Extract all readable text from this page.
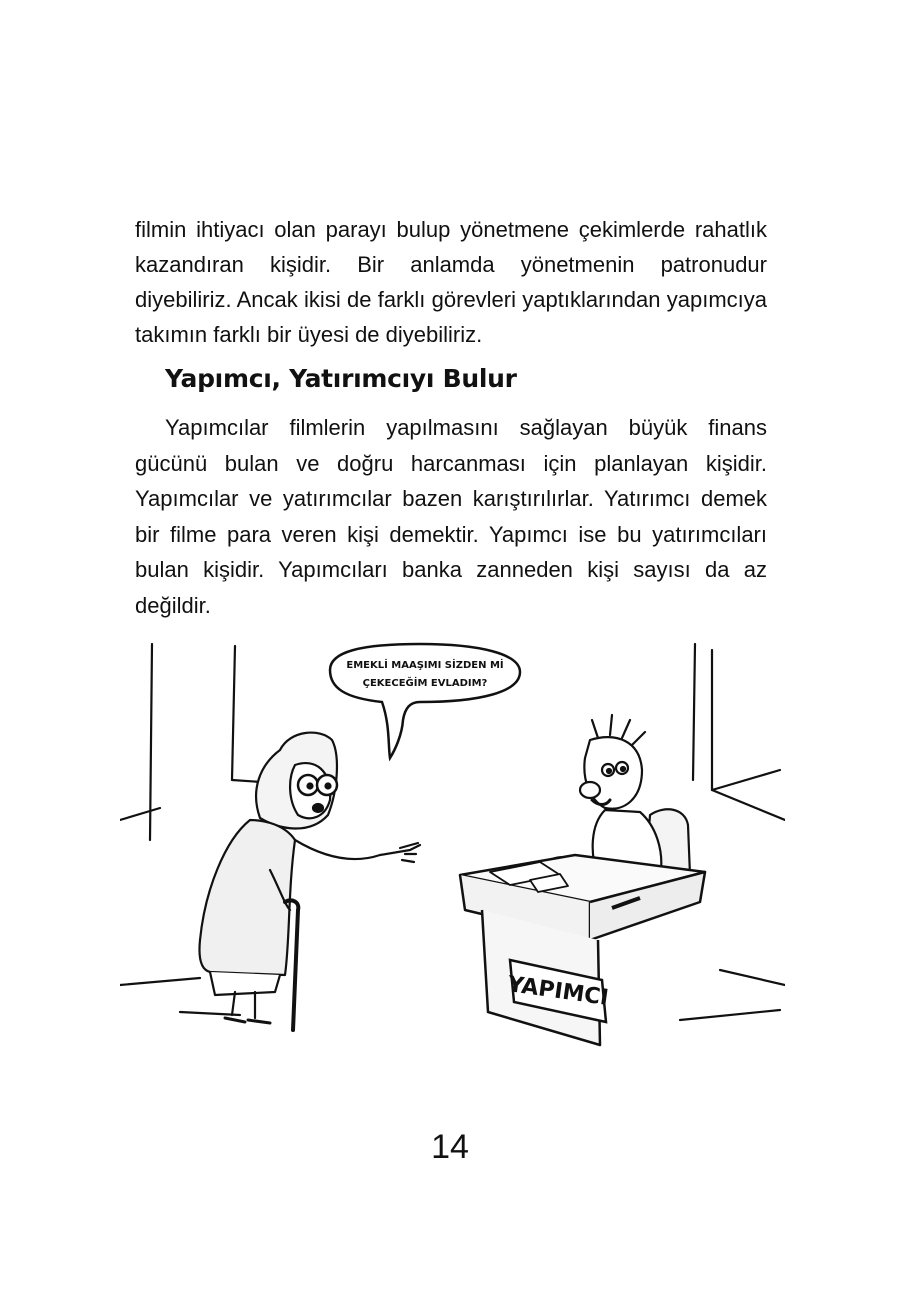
filmin ihtiyacı olan parayı bulup yönetmene çekimlerde rahatlık kazandıran kişidir. Bir anlamda yönetmenin patronudur diyebiliriz. Ancak ikisi de farklı görevleri yaptıklarından yapımcıya takımın farklı bir üyesi de diyebiliriz.

Yapımcı, Yatırımcıyı Bulur

Yapımcılar filmlerin yapılmasını sağlayan büyük finans gücünü bulan ve doğru harcanması için planlayan kişidir. Yapımcılar ve yatırımcılar bazen karıştırılırlar. Yatırımcı demek bir filme para veren kişi demektir. Yapımcı ise bu yatırımcıları bulan kişidir. Yapımcıları banka zanneden kişi sayısı da az değildir.

EMEKLİ MAAŞIMI SİZDEN Mİ
ÇEKECEĞİM EVLADIM?
YAPIMCI
14
